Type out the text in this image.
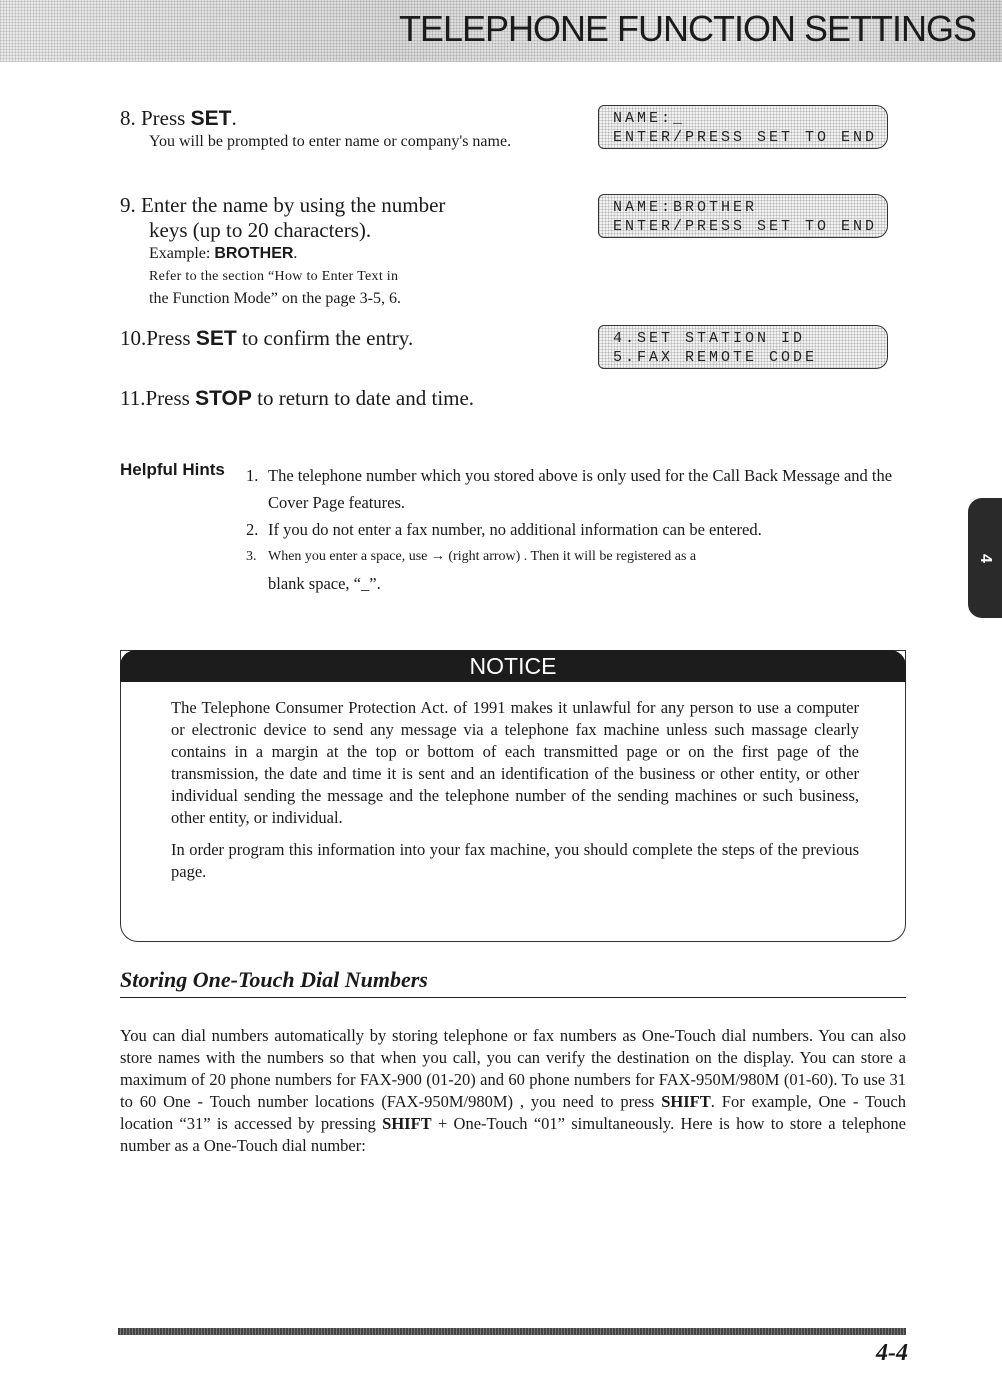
TELEPHONE FUNCTION SETTINGS

8. Press SET.

You will be prompted to enter name or company's name.

9. Enter the name by using the number
keys (up to 20 characters).

Example: BROTHER.

Refer to the section “How to Enter Text in
the Function Mode” on the page 3-5, 6.

10.Press SET to confirm the entry.

11.Press STOP to return to date and time.

NAME:_
ENTER/PRESS SET TO END
NAME:BROTHER
ENTER/PRESS SET TO END
4.SET STATION ID
5.FAX REMOTE CODE
Helpful Hints 1. The telephone number which you stored above is only used for the Call Back Message and the Cover Page features.
2. If you do not enter a fax number, no additional information can be entered.
3. When you enter a space, use → (right arrow) . Then it will be registered as a
blank space, “_”.
4
NOTICE

The Telephone Consumer Protection Act. of 1991 makes it unlawful for any person to use a computer or electronic device to send any message via a telephone fax machine unless such massage clearly contains in a margin at the top or bottom of each transmitted page or on the first page of the transmission, the date and time it is sent and an identification of the business or other entity, or other individual sending the message and the telephone number of the sending machines or such business, other entity, or individual.

In order program this information into your fax machine, you should complete the steps of the previous page.

Storing One-Touch Dial Numbers

You can dial numbers automatically by storing telephone or fax numbers as One-Touch dial numbers. You can also store names with the numbers so that when you call, you can verify the destination on the display. You can store a maximum of 20 phone numbers for FAX-900 (01-20) and 60 phone numbers for FAX-950M/980M (01-60). To use 31 to 60 One - Touch number locations (FAX-950M/980M) , you need to press SHIFT. For example, One - Touch location “31” is accessed by pressing SHIFT + One-Touch “01” simultaneously. Here is how to store a telephone number as a One-Touch dial number:

4-4
